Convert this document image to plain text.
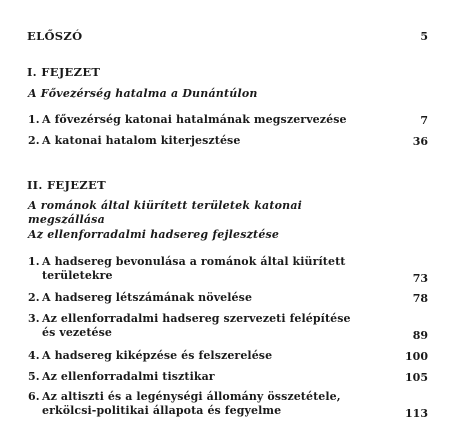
ELŐSZÓ	5
I. FEJEZET
A Fővezérség hatalma a Dunántúlon
1. A fővezérség katonai hatalmának megszervezése	7
2. A katonai hatalom kiterjesztése	36
II. FEJEZET
A románok által kiürített területek katonai
megszállása
Az ellenforradalmi hadsereg fejlesztése
1. A hadsereg bevonulása a románok által kiürített
területekre	73
2. A hadsereg létszámának növelése	78
3. Az ellenforradalmi hadsereg szervezeti felépítése
és vezetése	89
4. A hadsereg kiképzése és felszerelése	100
5. Az ellenforradalmi tisztikar	105
6. Az altiszti és a legénységi állomány összetétele,
erkölcsi-politikai állapota és fegyelme	113
